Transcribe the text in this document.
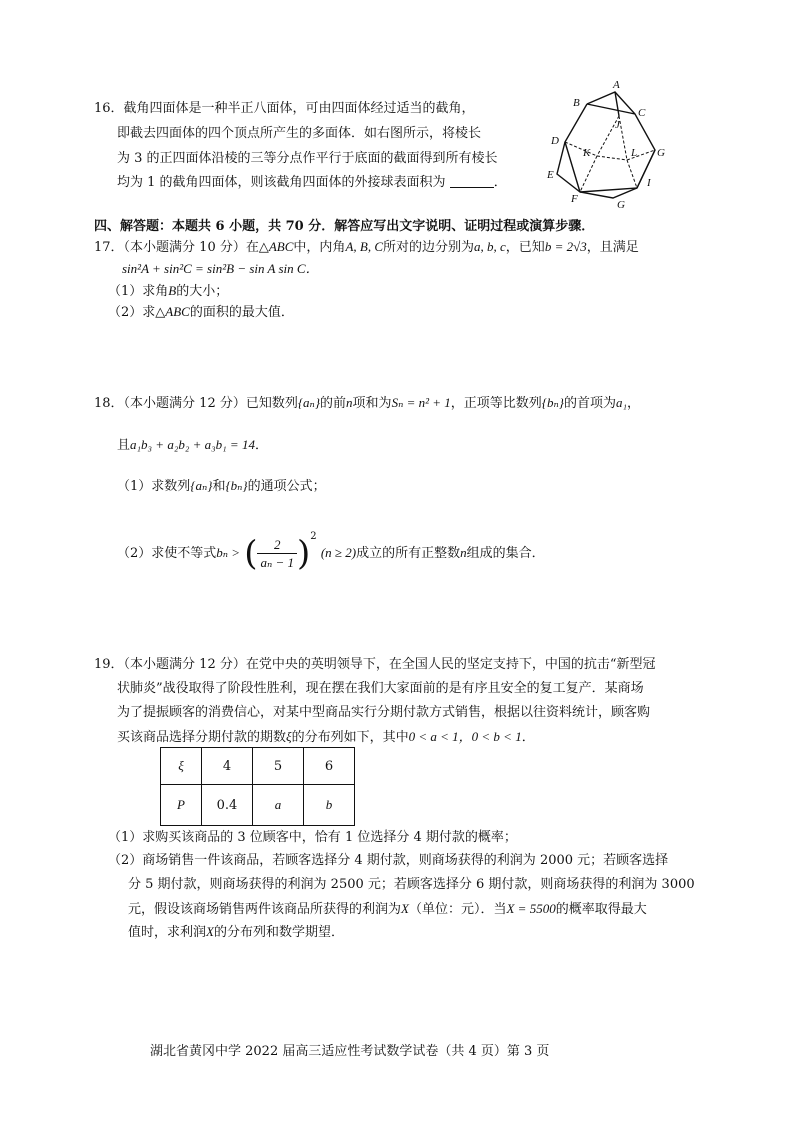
16．截角四面体是一种半正八面体，可由四面体经过适当的截角，
即截去四面体的四个顶点所产生的多面体．如右图所示，将棱长
为 3 的正四面体沿棱的三等分点作平行于底面的截面得到所有棱长
均为 1 的截角四面体，则该截角四面体的外接球表面积为	．
A
B
C
J
D
K	L G
E
I
F	G
四、解答题：本题共 6 小题，共 70 分．解答应写出文字说明、证明过程或演算步骤．
17．（本小题满分 10 分）在△ABC中，内角A, B, C所对的边分别为a, b, c，已知b = 2√3，且满足
sin²A + sin²C = sin²B − sin A sin C．
（1）求角B的大小；
（2）求△ABC的面积的最大值．
18．（本小题满分 12 分）已知数列{aₙ}的前n项和为Sₙ = n² + 1，正项等比数列{bₙ}的首项为a₁，
且a₁b₃ + a₂b₂ + a₃b₁ = 14．
（1）求数列{aₙ}和{bₙ}的通项公式；
（2）求使不等式bₙ > ( $\frac{2}{\text{aₙ − 1}} )^2$ (n ≥ 2)成立的所有正整数n组成的集合．
19．（本小题满分 12 分）在党中央的英明领导下，在全国人民的坚定支持下，中国的抗击“新型冠
状肺炎”战役取得了阶段性胜利，现在摆在我们大家面前的是有序且安全的复工复产．某商场
为了提振顾客的消费信心，对某中型商品实行分期付款方式销售，根据以往资料统计，顾客购
买该商品选择分期付款的期数ξ的分布列如下，其中0 < a < 1，0 < b < 1．
ξ	4	5	6
P	0.4	a	b
（1）求购买该商品的 3 位顾客中，恰有 1 位选择分 4 期付款的概率；
（2）商场销售一件该商品，若顾客选择分 4 期付款，则商场获得的利润为 2000 元；若顾客选择
分 5 期付款，则商场获得的利润为 2500 元；若顾客选择分 6 期付款，则商场获得的利润为 3000
元，假设该商场销售两件该商品所获得的利润为X（单位：元）．当X = 5500的概率取得最大
值时，求利润X的分布列和数学期望．
湖北省黄冈中学 2022 届高三适应性考试数学试卷（共 4 页）第 3 页
